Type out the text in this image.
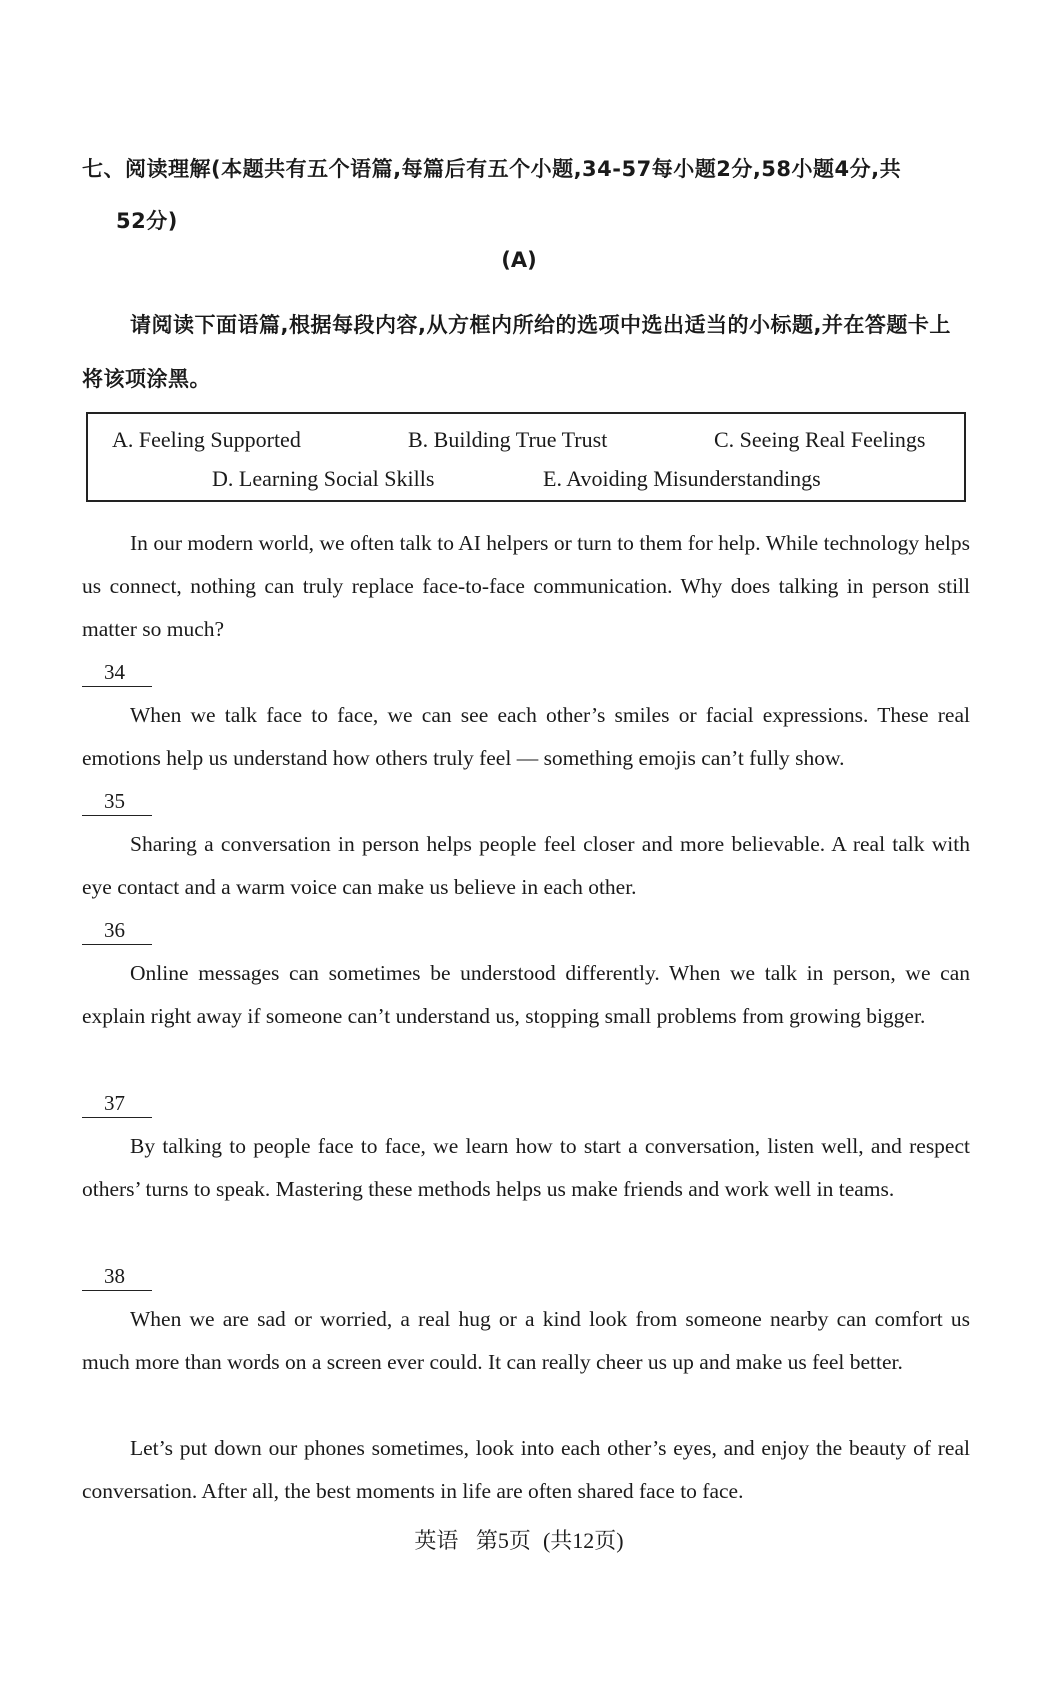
七、阅读理解(本题共有五个语篇,每篇后有五个小题,34-57每小题2分,58小题4分,共
52分)

(A)

请阅读下面语篇,根据每段内容,从方框内所给的选项中选出适当的小标题,并在答题卡上将该项涂黑。

A. Feeling Supported	B. Building True Trust	C. Seeing Real Feelings
D. Learning Social Skills	E. Avoiding Misunderstandings

In our modern world, we often talk to AI helpers or turn to them for help. While technology helps us connect, nothing can truly replace face-to-face communication. Why does talking in person still matter so much?

34

When we talk face to face, we can see each other’s smiles or facial expressions. These real emotions help us understand how others truly feel — something emojis can’t fully show.

35

Sharing a conversation in person helps people feel closer and more believable. A real talk with eye contact and a warm voice can make us believe in each other.

36

Online messages can sometimes be understood differently. When we talk in person, we can explain right away if someone can’t understand us, stopping small problems from growing bigger.

37

By talking to people face to face, we learn how to start a conversation, listen well, and respect others’ turns to speak. Mastering these methods helps us make friends and work well in teams.

38

When we are sad or worried, a real hug or a kind look from someone nearby can comfort us much more than words on a screen ever could. It can really cheer us up and make us feel better.

Let’s put down our phones sometimes, look into each other’s eyes, and enjoy the beauty of real conversation. After all, the best moments in life are often shared face to face.

英语 第5页 (共12页)
